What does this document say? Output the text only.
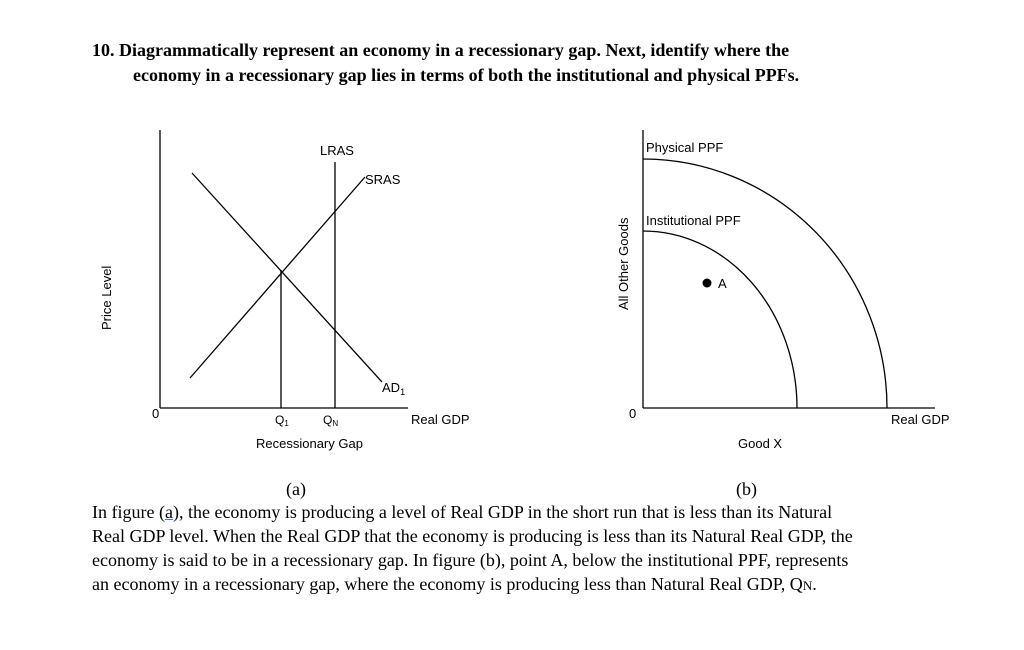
10. Diagrammatically represent an economy in a recessionary gap. Next, identify where the
economy in a recessionary gap lies in terms of both the institutional and physical PPFs.

Price Level
0
LRAS
SRAS
$AD_1$
Q1	QN	Real GDP
Recessionary Gap
All Other Goods
0
Physical PPF
Institutional PPF
A
Real GDP
Good X
(a)	(b)

In figure (a), the economy is producing a level of Real GDP in the short run that is less than its Natural
Real GDP level. When the Real GDP that the economy is producing is less than its Natural Real GDP, the
economy is said to be in a recessionary gap. In figure (b), point A, below the institutional PPF, represents
an economy in a recessionary gap, where the economy is producing less than Natural Real GDP, QN.
